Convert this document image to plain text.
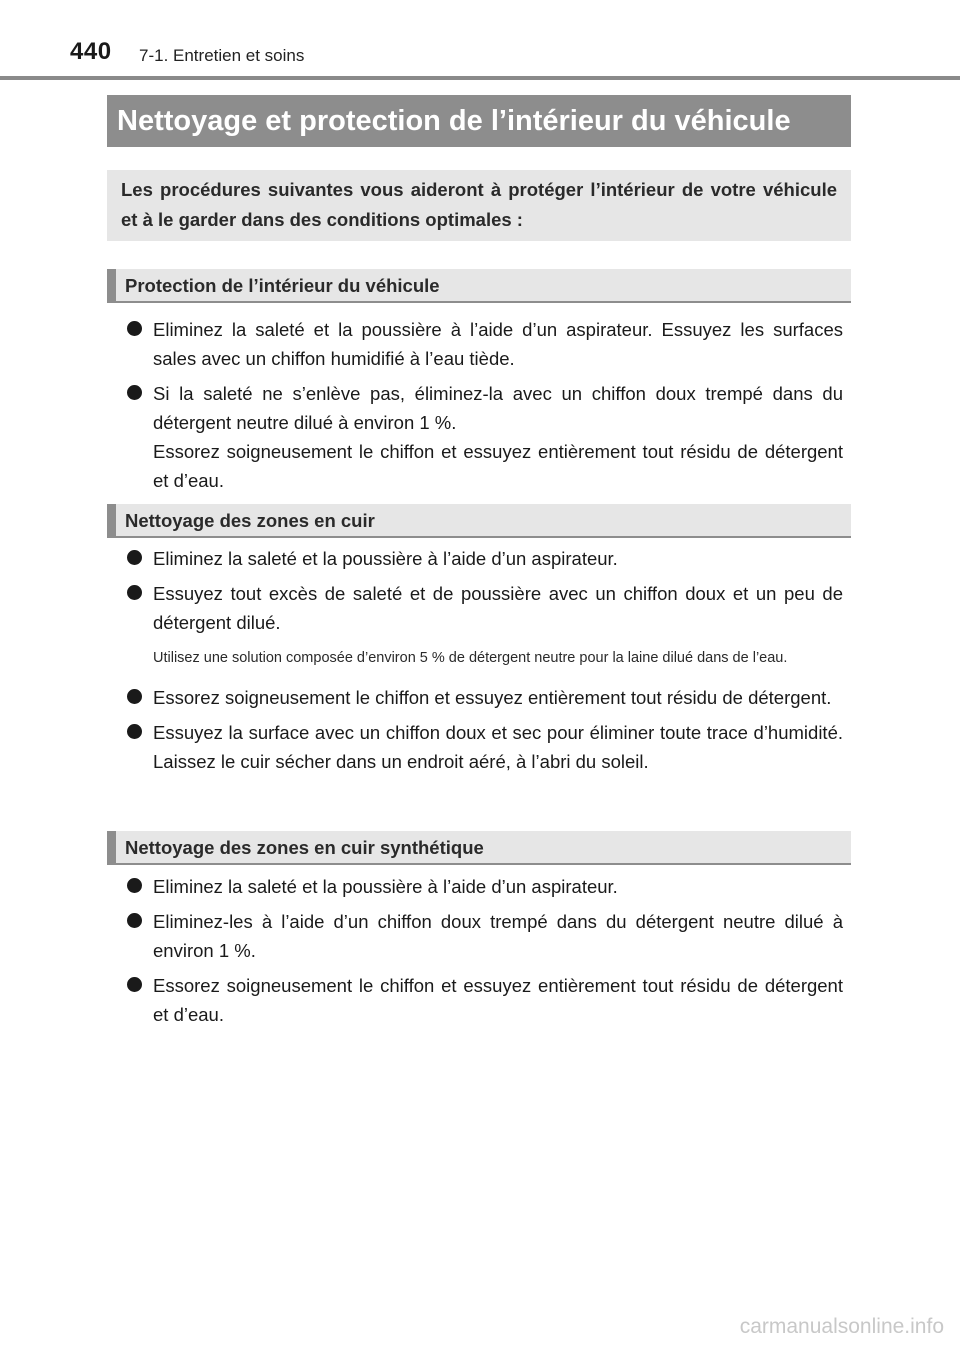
440 7-1. Entretien et soins
Nettoyage et protection de l’intérieur du véhicule
Les procédures suivantes vous aideront à protéger l’intérieur de votre véhicule et à le garder dans des conditions optimales :
Protection de l’intérieur du véhicule

Eliminez la saleté et la poussière à l’aide d’un aspirateur. Essuyez les surfaces sales avec un chiffon humidifié à l’eau tiède.

Si la saleté ne s’enlève pas, éliminez-la avec un chiffon doux trempé dans du détergent neutre dilué à environ 1 %.

Essorez soigneusement le chiffon et essuyez entièrement tout résidu de détergent et d’eau.

Nettoyage des zones en cuir

Eliminez la saleté et la poussière à l’aide d’un aspirateur.

Essuyez tout excès de saleté et de poussière avec un chiffon doux et un peu de détergent dilué.

Utilisez une solution composée d’environ 5 % de détergent neutre pour la laine dilué dans de l’eau.

Essorez soigneusement le chiffon et essuyez entièrement tout résidu de détergent.

Essuyez la surface avec un chiffon doux et sec pour éliminer toute trace d’humidité. Laissez le cuir sécher dans un endroit aéré, à l’abri du soleil.

Nettoyage des zones en cuir synthétique

Eliminez la saleté et la poussière à l’aide d’un aspirateur.

Eliminez-les à l’aide d’un chiffon doux trempé dans du détergent neutre dilué à environ 1 %.

Essorez soigneusement le chiffon et essuyez entièrement tout résidu de détergent et d’eau.

carmanualsonline.info
